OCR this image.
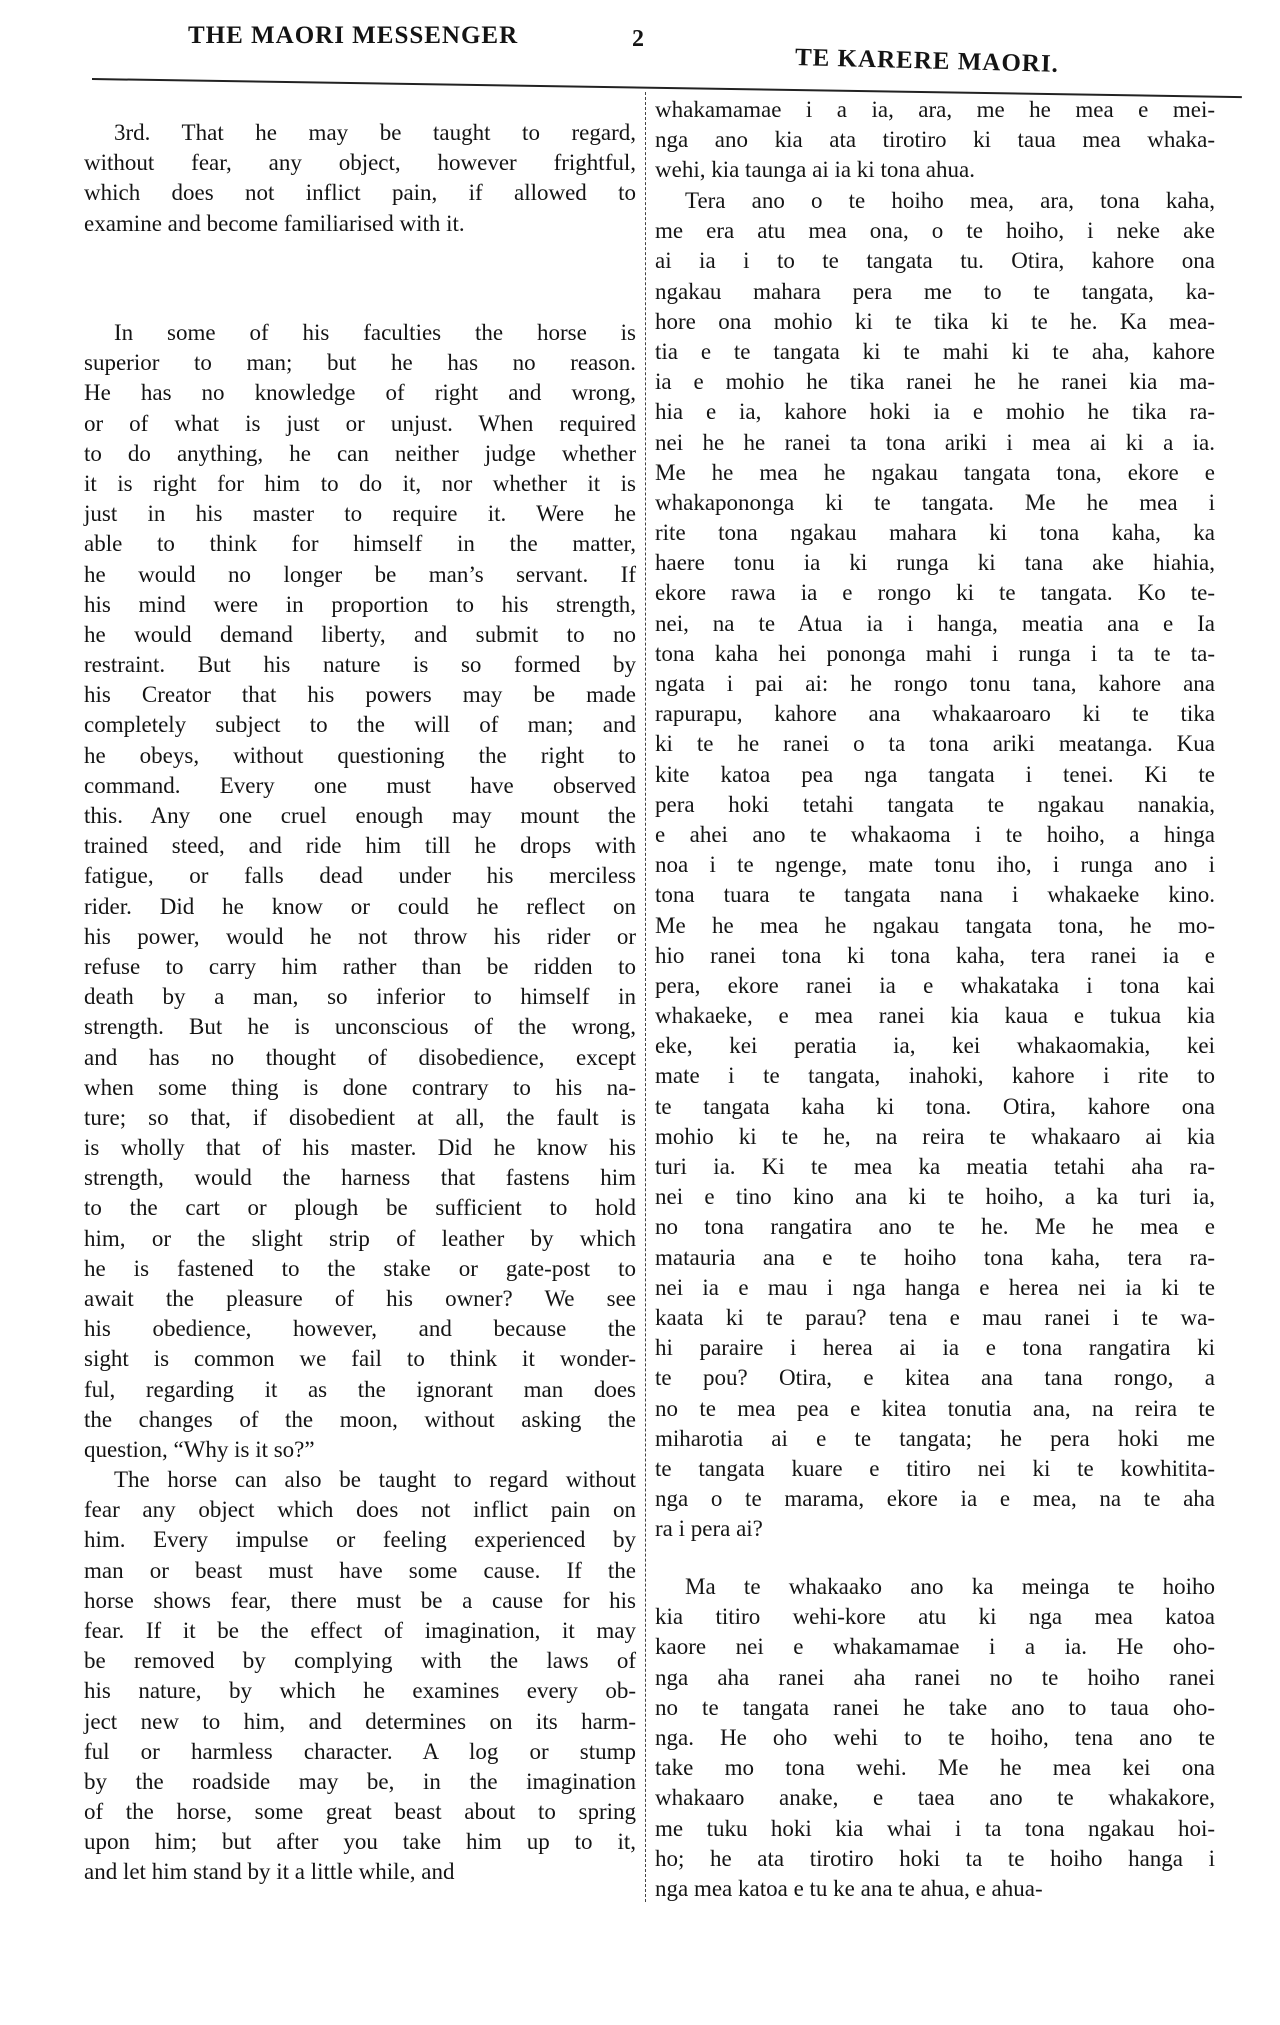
THE MAORI MESSENGER	2
TE KARERE MAORI.
3rd. That he may be taught to regard,
without fear, any object, however frightful,
which does not inflict pain, if allowed to
examine and become familiarised with it.
In some of his faculties the horse is
superior to man; but he has no reason.
He has no knowledge of right and wrong,
or of what is just or unjust. When required
to do anything, he can neither judge whether
it is right for him to do it, nor whether it is
just in his master to require it. Were he
able to think for himself in the matter,
he would no longer be man’s servant. If
his mind were in proportion to his strength,
he would demand liberty, and submit to no
restraint. But his nature is so formed by
his Creator that his powers may be made
completely subject to the will of man; and
he obeys, without questioning the right to
command. Every one must have observed
this. Any one cruel enough may mount the
trained steed, and ride him till he drops with
fatigue, or falls dead under his merciless
rider. Did he know or could he reflect on
his power, would he not throw his rider or
refuse to carry him rather than be ridden to
death by a man, so inferior to himself in
strength. But he is unconscious of the wrong,
and has no thought of disobedience, except
when some thing is done contrary to his na-
ture; so that, if disobedient at all, the fault is
is wholly that of his master. Did he know his
strength, would the harness that fastens him
to the cart or plough be sufficient to hold
him, or the slight strip of leather by which
he is fastened to the stake or gate-post to
await the pleasure of his owner? We see
his obedience, however, and because the
sight is common we fail to think it wonder-
ful, regarding it as the ignorant man does
the changes of the moon, without asking the
question, “Why is it so?”
The horse can also be taught to regard without
fear any object which does not inflict pain on
him. Every impulse or feeling experienced by
man or beast must have some cause. If the
horse shows fear, there must be a cause for his
fear. If it be the effect of imagination, it may
be removed by complying with the laws of
his nature, by which he examines every ob-
ject new to him, and determines on its harm-
ful or harmless character. A log or stump
by the roadside may be, in the imagination
of the horse, some great beast about to spring
upon him; but after you take him up to it,
and let him stand by it a little while, and
whakamamae i a ia, ara, me he mea e mei-
nga ano kia ata tirotiro ki taua mea whaka-
wehi, kia taunga ai ia ki tona ahua.
Tera ano o te hoiho mea, ara, tona kaha,
me era atu mea ona, o te hoiho, i neke ake
ai ia i to te tangata tu. Otira, kahore ona
ngakau mahara pera me to te tangata, ka-
hore ona mohio ki te tika ki te he. Ka mea-
tia e te tangata ki te mahi ki te aha, kahore
ia e mohio he tika ranei he he ranei kia ma-
hia e ia, kahore hoki ia e mohio he tika ra-
nei he he ranei ta tona ariki i mea ai ki a ia.
Me he mea he ngakau tangata tona, ekore e
whakapononga ki te tangata. Me he mea i
rite tona ngakau mahara ki tona kaha, ka
haere tonu ia ki runga ki tana ake hiahia,
ekore rawa ia e rongo ki te tangata. Ko te-
nei, na te Atua ia i hanga, meatia ana e Ia
tona kaha hei pononga mahi i runga i ta te ta-
ngata i pai ai: he rongo tonu tana, kahore ana
rapurapu, kahore ana whakaaroaro ki te tika
ki te he ranei o ta tona ariki meatanga. Kua
kite katoa pea nga tangata i tenei. Ki te
pera hoki tetahi tangata te ngakau nanakia,
e ahei ano te whakaoma i te hoiho, a hinga
noa i te ngenge, mate tonu iho, i runga ano i
tona tuara te tangata nana i whakaeke kino.
Me he mea he ngakau tangata tona, he mo-
hio ranei tona ki tona kaha, tera ranei ia e
pera, ekore ranei ia e whakataka i tona kai
whakaeke, e mea ranei kia kaua e tukua kia
eke, kei peratia ia, kei whakaomakia, kei
mate i te tangata, inahoki, kahore i rite to
te tangata kaha ki tona. Otira, kahore ona
mohio ki te he, na reira te whakaaro ai kia
turi ia. Ki te mea ka meatia tetahi aha ra-
nei e tino kino ana ki te hoiho, a ka turi ia,
no tona rangatira ano te he. Me he mea e
matauria ana e te hoiho tona kaha, tera ra-
nei ia e mau i nga hanga e herea nei ia ki te
kaata ki te parau? tena e mau ranei i te wa-
hi paraire i herea ai ia e tona rangatira ki
te pou? Otira, e kitea ana tana rongo, a
no te mea pea e kitea tonutia ana, na reira te
miharotia ai e te tangata; he pera hoki me
te tangata kuare e titiro nei ki te kowhitita-
nga o te marama, ekore ia e mea, na te aha
ra i pera ai?
Ma te whakaako ano ka meinga te hoiho
kia titiro wehi-kore atu ki nga mea katoa
kaore nei e whakamamae i a ia. He oho-
nga aha ranei aha ranei no te hoiho ranei
no te tangata ranei he take ano to taua oho-
nga. He oho wehi to te hoiho, tena ano te
take mo tona wehi. Me he mea kei ona
whakaaro anake, e taea ano te whakakore,
me tuku hoki kia whai i ta tona ngakau hoi-
ho; he ata tirotiro hoki ta te hoiho hanga i
nga mea katoa e tu ke ana te ahua, e ahua-
